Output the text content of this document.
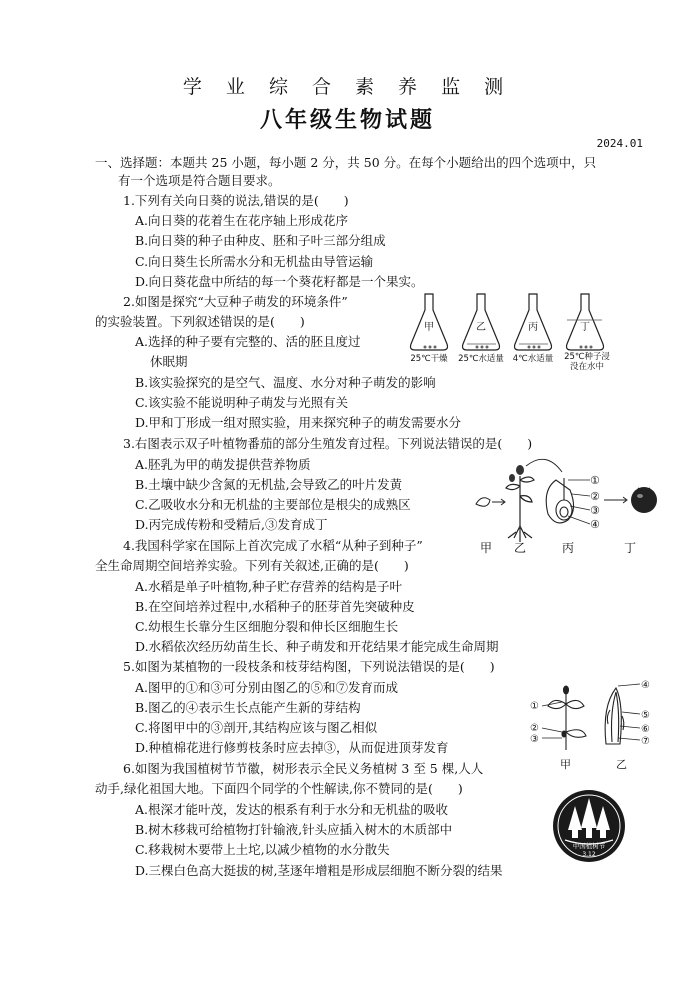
学 业 综 合 素 养 监 测
八年级生物试题
2024.01
一、选择题：本题共 25 小题，每小题 2 分，共 50 分。在每个小题给出的四个选项中，只
有一个选项是符合题目要求。
1.下列有关向日葵的说法,错误的是(　　)
A.向日葵的花着生在花序轴上形成花序
B.向日葵的种子由种皮、胚和子叶三部分组成
C.向日葵生长所需水分和无机盐由导管运输
D.向日葵花盘中所结的每一个葵花籽都是一个果实。
2.如图是探究“大豆种子萌发的环境条件”
的实验装置。下列叙述错误的是(　　)
A.选择的种子要有完整的、活的胚且度过
休眠期
B.该实验探究的是空气、温度、水分对种子萌发的影响
C.该实验不能说明种子萌发与光照有关
D.甲和丁形成一组对照实验，用来探究种子的萌发需要水分
甲	乙	丙	丁
25℃干燥 25℃水适量 4℃水适量 25℃种子浸
没在水中
3.右图表示双子叶植物番茄的部分生殖发育过程。下列说法错误的是(　　)
A.胚乳为甲的萌发提供营养物质
B.土壤中缺少含氮的无机盐,会导致乙的叶片发黄
C.乙吸收水分和无机盐的主要部位是根尖的成熟区
D.丙完成传粉和受精后,③发育成丁
①
②
③
④
甲 乙	丙	丁
4.我国科学家在国际上首次完成了水稻“从种子到种子”
全生命周期空间培养实验。下列有关叙述,正确的是(　　)
A.水稻是单子叶植物,种子贮存营养的结构是子叶
B.在空间培养过程中,水稻种子的胚芽首先突破种皮
C.幼根生长靠分生区细胞分裂和伸长区细胞生长
D.水稻依次经历幼苗生长、种子萌发和开花结果才能完成生命周期
5.如图为某植物的一段枝条和枝芽结构图，下列说法错误的是(　　)
A.图甲的①和③可分别由图乙的⑤和⑦发育而成
B.图乙的④表示生长点能产生新的芽结构
C.将图甲中的③剖开,其结构应该与图乙相似
D.种植棉花进行修剪枝条时应去掉③，从而促进顶芽发育
①
②
③
④
⑤
⑥
⑦
甲	乙
6.如图为我国植树节节徽，树形表示全民义务植树 3 至 5 棵,人人
动手,绿化祖国大地。下面四个同学的个性解读,你不赞同的是(　　)
A.根深才能叶茂，发达的根系有利于水分和无机盐的吸收
B.树木移栽可给植物打针输液,针头应插入树木的木质部中
C.移栽树木要带上土坨,以减少植物的水分散失
D.三棵白色高大挺拔的树,茎逐年增粗是形成层细胞不断分裂的结果
中国植树节
3.12
